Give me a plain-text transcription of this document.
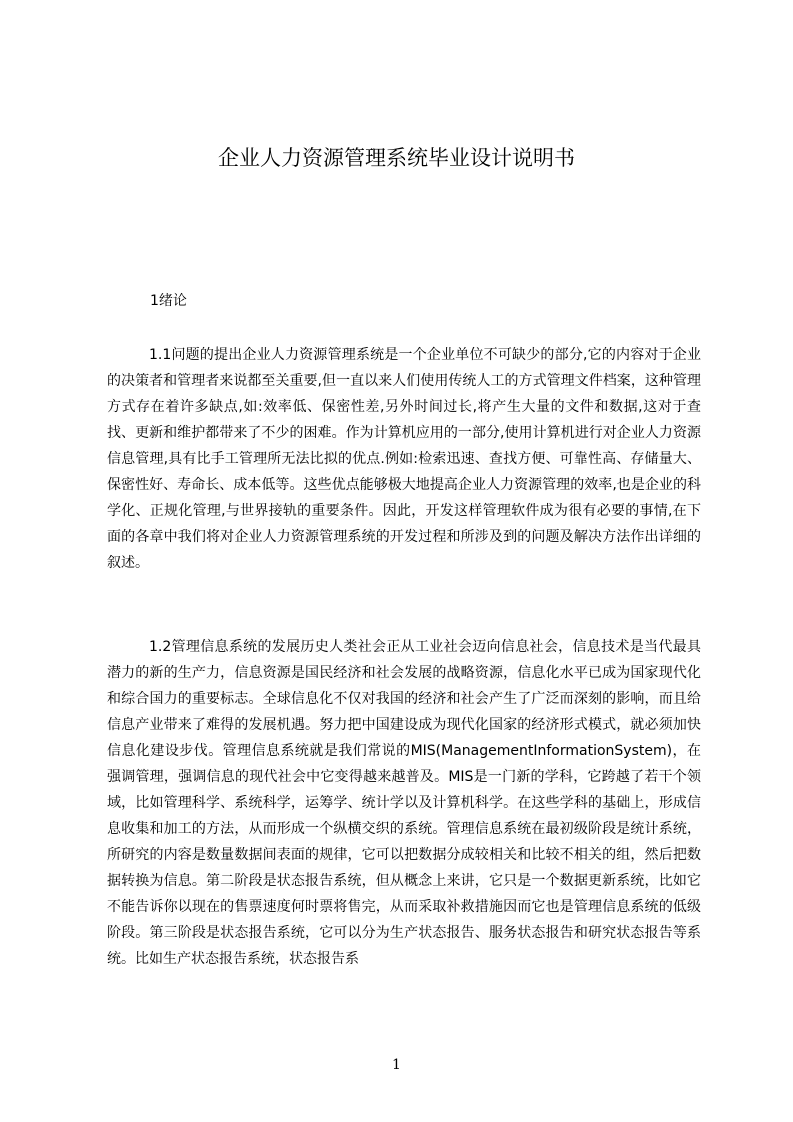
企业人力资源管理系统毕业设计说明书
1绪论

1.1问题的提出企业人力资源管理系统是一个企业单位不可缺少的部分,它的内容对于企业的决策者和管理者来说都至关重要,但一直以来人们使用传统人工的方式管理文件档案，这种管理方式存在着许多缺点,如:效率低、保密性差,另外时间过长,将产生大量的文件和数据,这对于查找、更新和维护都带来了不少的困难。作为计算机应用的一部分,使用计算机进行对企业人力资源信息管理,具有比手工管理所无法比拟的优点.例如:检索迅速、查找方便、可靠性高、存储量大、保密性好、寿命长、成本低等。这些优点能够极大地提高企业人力资源管理的效率,也是企业的科学化、正规化管理,与世界接轨的重要条件。因此，开发这样管理软件成为很有必要的事情,在下面的各章中我们将对企业人力资源管理系统的开发过程和所涉及到的问题及解决方法作出详细的叙述。

1.2管理信息系统的发展历史人类社会正从工业社会迈向信息社会，信息技术是当代最具潜力的新的生产力，信息资源是国民经济和社会发展的战略资源，信息化水平已成为国家现代化和综合国力的重要标志。全球信息化不仅对我国的经济和社会产生了广泛而深刻的影响，而且给信息产业带来了难得的发展机遇。努力把中国建设成为现代化国家的经济形式模式，就必须加快信息化建设步伐。管理信息系统就是我们常说的MIS(ManagementInformationSystem)，在强调管理，强调信息的现代社会中它变得越来越普及。MIS是一门新的学科，它跨越了若干个领域，比如管理科学、系统科学，运筹学、统计学以及计算机科学。在这些学科的基础上，形成信息收集和加工的方法，从而形成一个纵横交织的系统。管理信息系统在最初级阶段是统计系统，所研究的内容是数量数据间表面的规律，它可以把数据分成较相关和比较不相关的组，然后把数据转换为信息。第二阶段是状态报告系统，但从概念上来讲，它只是一个数据更新系统，比如它不能告诉你以现在的售票速度何时票将售完，从而采取补救措施因而它也是管理信息系统的低级阶段。第三阶段是状态报告系统，它可以分为生产状态报告、服务状态报告和研究状态报告等系统。比如生产状态报告系统，状态报告系

1
